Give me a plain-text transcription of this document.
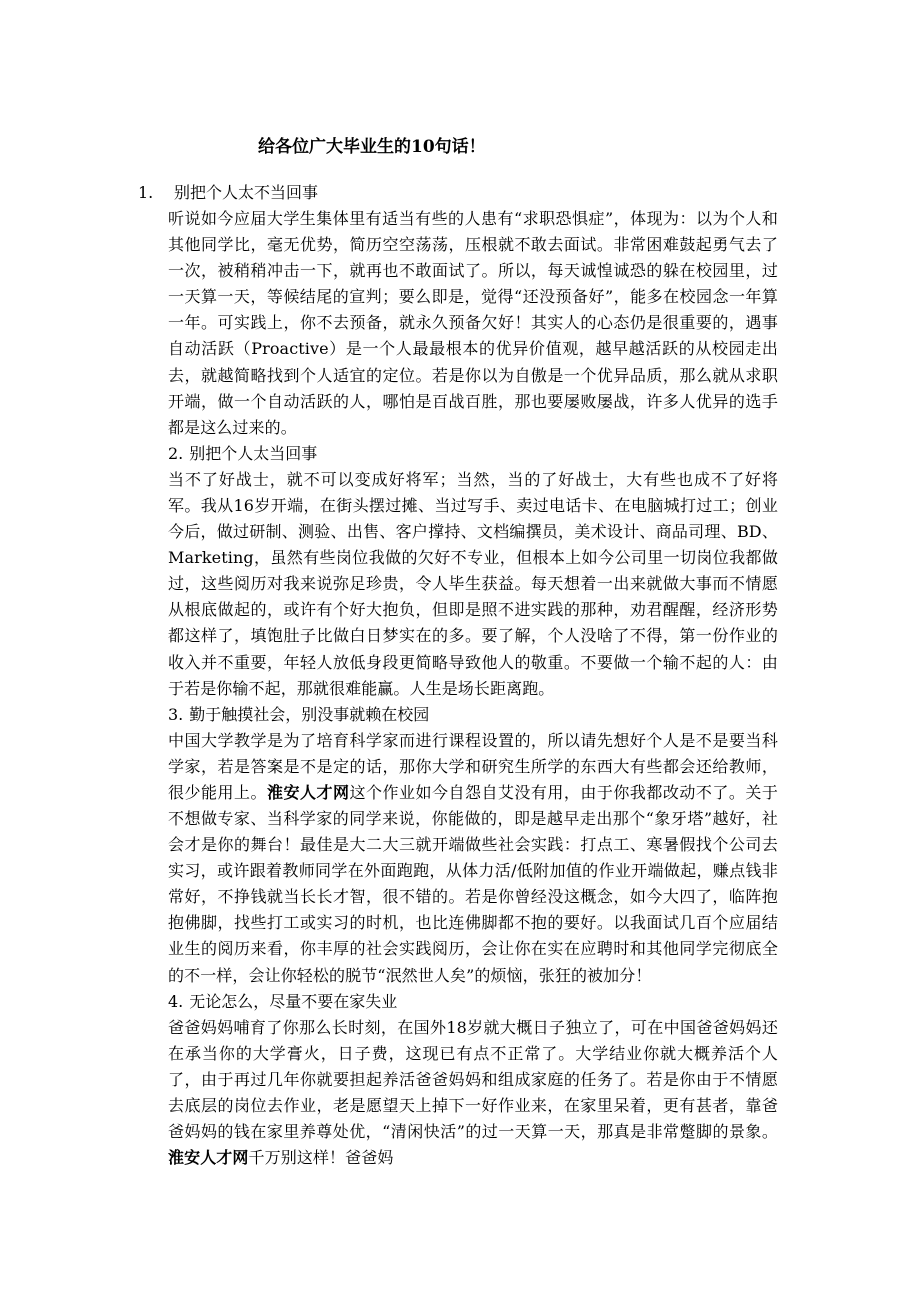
给各位广大毕业生的10句话！

1. 别把个人太不当回事

听说如今应届大学生集体里有适当有些的人患有“求职恐惧症”，体现为：以为个人和其他同学比，毫无优势，简历空空荡荡，压根就不敢去面试。非常困难鼓起勇气去了一次，被稍稍冲击一下，就再也不敢面试了。所以，每天诚惶诚恐的躲在校园里，过一天算一天，等候结尾的宣判；要么即是，觉得“还没预备好”，能多在校园念一年算一年。可实践上，你不去预备，就永久预备欠好！其实人的心态仍是很重要的，遇事自动活跃（Proactive）是一个人最最根本的优异价值观，越早越活跃的从校园走出去，就越简略找到个人适宜的定位。若是你以为自傲是一个优异品质，那么就从求职开端，做一个自动活跃的人，哪怕是百战百胜，那也要屡败屡战，许多人优异的选手都是这么过来的。

2. 别把个人太当回事

当不了好战士，就不可以变成好将军；当然，当的了好战士，大有些也成不了好将军。我从16岁开端，在街头摆过摊、当过写手、卖过电话卡、在电脑城打过工；创业今后，做过研制、测验、出售、客户撑持、文档编撰员，美术设计、商品司理、BD、Marketing，虽然有些岗位我做的欠好不专业，但根本上如今公司里一切岗位我都做过，这些阅历对我来说弥足珍贵，令人毕生获益。每天想着一出来就做大事而不情愿从根底做起的，或许有个好大抱负，但即是照不进实践的那种，劝君醒醒，经济形势都这样了，填饱肚子比做白日梦实在的多。要了解，个人没啥了不得，第一份作业的收入并不重要，年轻人放低身段更简略导致他人的敬重。不要做一个输不起的人：由于若是你输不起，那就很难能赢。人生是场长距离跑。

3. 勤于触摸社会，别没事就赖在校园

中国大学教学是为了培育科学家而进行课程设置的，所以请先想好个人是不是要当科学家，若是答案是不是定的话，那你大学和研究生所学的东西大有些都会还给教师，很少能用上。淮安人才网这个作业如今自怨自艾没有用，由于你我都改动不了。关于不想做专家、当科学家的同学来说，你能做的，即是越早走出那个“象牙塔”越好，社会才是你的舞台！最佳是大二大三就开端做些社会实践：打点工、寒暑假找个公司去实习，或许跟着教师同学在外面跑跑，从体力活/低附加值的作业开端做起，赚点钱非常好，不挣钱就当长长才智，很不错的。若是你曾经没这概念，如今大四了，临阵抱抱佛脚，找些打工或实习的时机，也比连佛脚都不抱的要好。以我面试几百个应届结业生的阅历来看，你丰厚的社会实践阅历，会让你在实在应聘时和其他同学完彻底全的不一样，会让你轻松的脱节“泯然世人矣”的烦恼，张狂的被加分！

4. 无论怎么，尽量不要在家失业

爸爸妈妈哺育了你那么长时刻，在国外18岁就大概日子独立了，可在中国爸爸妈妈还在承当你的大学膏火，日子费，这现已有点不正常了。大学结业你就大概养活个人了，由于再过几年你就要担起养活爸爸妈妈和组成家庭的任务了。若是你由于不情愿去底层的岗位去作业，老是愿望天上掉下一好作业来，在家里呆着，更有甚者，靠爸爸妈妈的钱在家里养尊处优，“清闲快活”的过一天算一天，那真是非常蹩脚的景象。淮安人才网千万别这样！爸爸妈
